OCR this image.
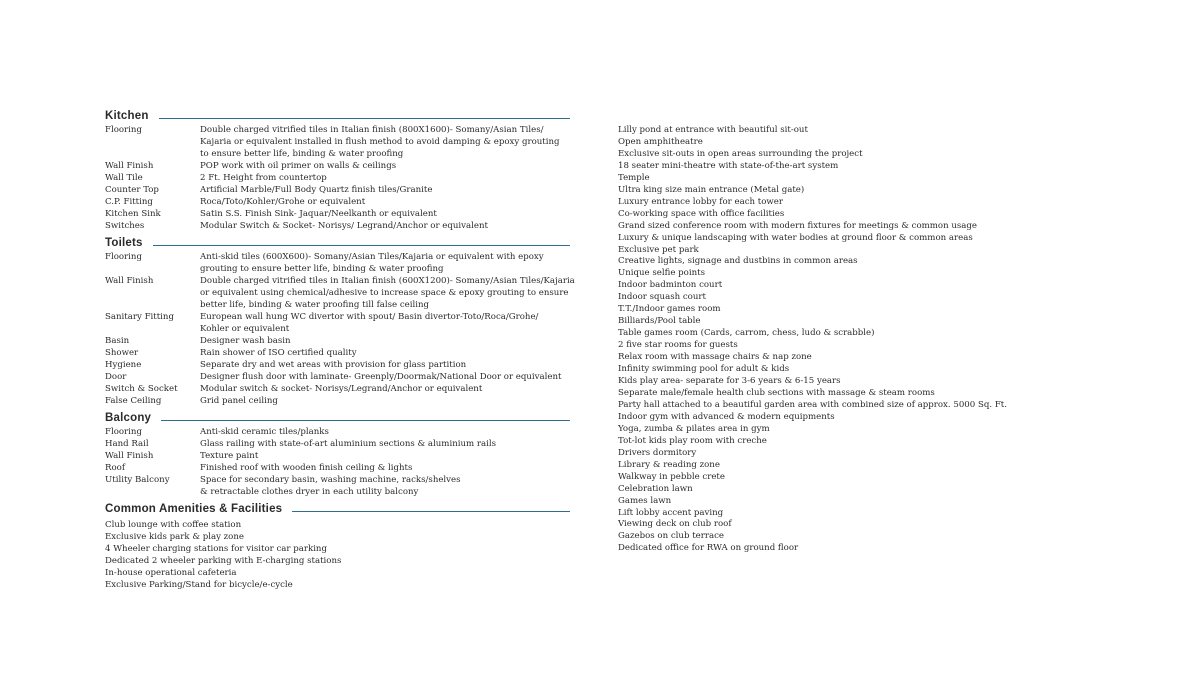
Kitchen
Flooring	Double charged vitrified tiles in Italian finish (800X1600)- Somany/Asian Tiles/
Kajaria or equivalent installed in flush method to avoid damping & epoxy grouting
to ensure better life, binding & water proofing
Wall Finish	POP work with oil primer on walls & ceilings
Wall Tile	2 Ft. Height from countertop
Counter Top	Artificial Marble/Full Body Quartz finish tiles/Granite
C.P. Fitting	Roca/Toto/Kohler/Grohe or equivalent
Kitchen Sink	Satin S.S. Finish Sink- Jaquar/Neelkanth or equivalent
Switches	Modular Switch & Socket- Norisys/ Legrand/Anchor or equivalent
Toilets
Flooring	Anti-skid tiles (600X600)- Somany/Asian Tiles/Kajaria or equivalent with epoxy
grouting to ensure better life, binding & water proofing
Wall Finish	Double charged vitrified tiles in Italian finish (600X1200)- Somany/Asian Tiles/Kajaria
or equivalent using chemical/adhesive to increase space & epoxy grouting to ensure
better life, binding & water proofing till false ceiling
Sanitary Fitting	European wall hung WC divertor with spout/ Basin divertor-Toto/Roca/Grohe/
Kohler or equivalent
Basin	Designer wash basin
Shower	Rain shower of ISO certified quality
Hygiene	Separate dry and wet areas with provision for glass partition
Door	Designer flush door with laminate- Greenply/Doormak/National Door or equivalent
Switch & Socket	Modular switch & socket- Norisys/Legrand/Anchor or equivalent
False Ceiling	Grid panel ceiling
Balcony
Flooring	Anti-skid ceramic tiles/planks
Hand Rail	Glass railing with state-of-art aluminium sections & aluminium rails
Wall Finish	Texture paint
Roof	Finished roof with wooden finish ceiling & lights
Utility Balcony	Space for secondary basin, washing machine, racks/shelves
& retractable clothes dryer in each utility balcony
Common Amenities & Facilities
Club lounge with coffee station
Exclusive kids park & play zone
4 Wheeler charging stations for visitor car parking
Dedicated 2 wheeler parking with E-charging stations
In-house operational cafeteria
Exclusive Parking/Stand for bicycle/e-cycle
Lilly pond at entrance with beautiful sit-out
Open amphitheatre
Exclusive sit-outs in open areas surrounding the project
18 seater mini-theatre with state-of-the-art system
Temple
Ultra king size main entrance (Metal gate)
Luxury entrance lobby for each tower
Co-working space with office facilities
Grand sized conference room with modern fixtures for meetings & common usage
Luxury & unique landscaping with water bodies at ground floor & common areas
Exclusive pet park
Creative lights, signage and dustbins in common areas
Unique selfie points
Indoor badminton court
Indoor squash court
T.T./Indoor games room
Billiards/Pool table
Table games room (Cards, carrom, chess, ludo & scrabble)
2 five star rooms for guests
Relax room with massage chairs & nap zone
Infinity swimming pool for adult & kids
Kids play area- separate for 3-6 years & 6-15 years
Separate male/female health club sections with massage & steam rooms
Party hall attached to a beautiful garden area with combined size of approx. 5000 Sq. Ft.
Indoor gym with advanced & modern equipments
Yoga, zumba & pilates area in gym
Tot-lot kids play room with creche
Drivers dormitory
Library & reading zone
Walkway in pebble crete
Celebration lawn
Games lawn
Lift lobby accent paving
Viewing deck on club roof
Gazebos on club terrace
Dedicated office for RWA on ground floor
